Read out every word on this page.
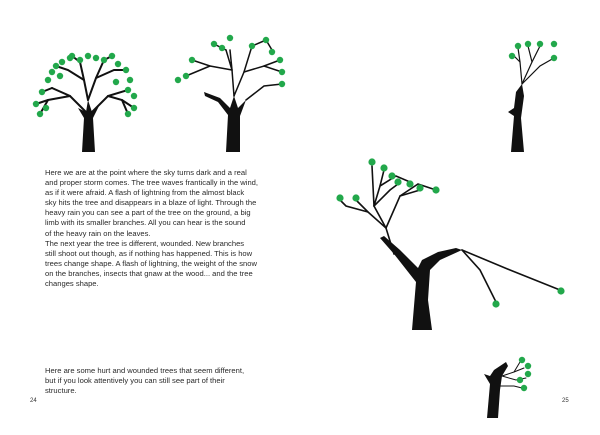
Here we are at the point where the sky turns dark and a real
and proper storm comes. The tree waves frantically in the wind,
as if it were afraid. A flash of lightning from the almost black
sky hits the tree and disappears in a blaze of light. Through the
heavy rain you can see a part of the tree on the ground, a big
limb with its smaller branches. All you can hear is the sound
of the heavy rain on the leaves.
The next year the tree is different, wounded. New branches
still shoot out though, as if nothing has happened. This is how
trees change shape. A flash of lightning, the weight of the snow
on the branches, insects that gnaw at the wood... and the tree
changes shape.
Here are some hurt and wounded trees that seem different,
but if you look attentively you can still see part of their
structure.
24	25
